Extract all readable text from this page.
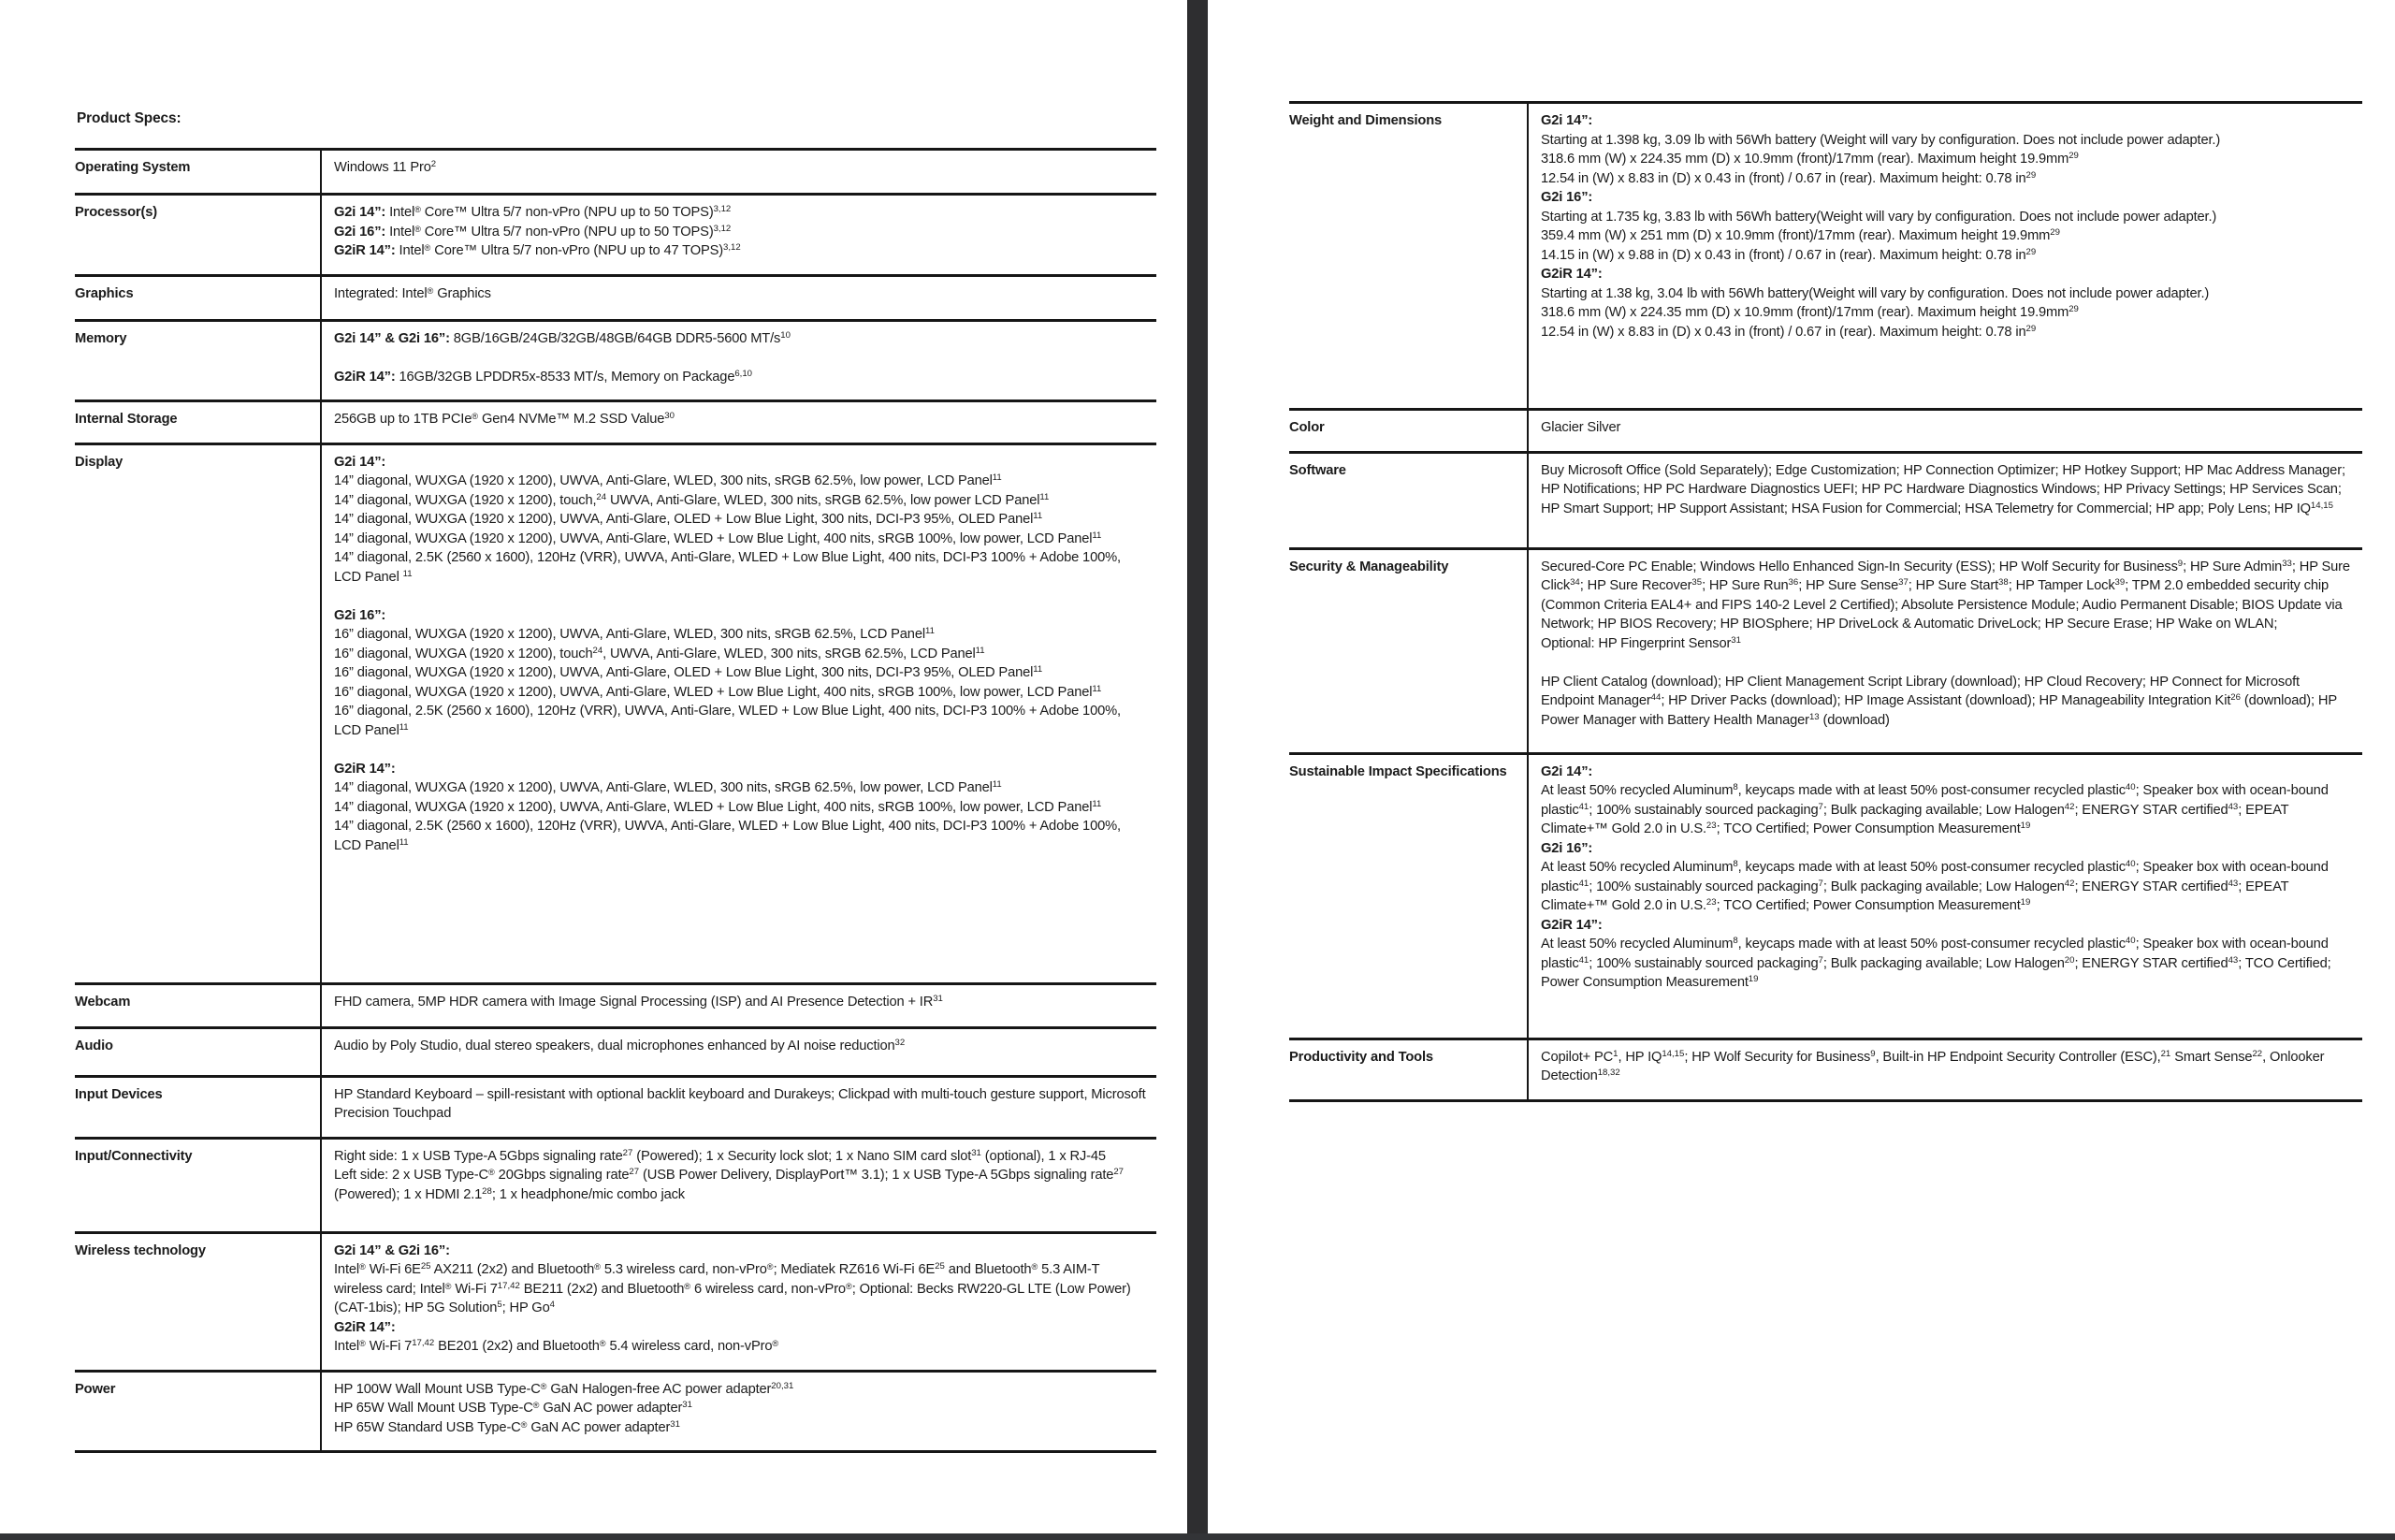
Product Specs:
Operating System	Windows 11 Pro$^2$

Processor(s)	G2i 14”: Intel® Core™ Ultra 5/7 non-vPro (NPU up to 50 TOPS)$^{3,12}$
G2i 16”: Intel® Core™ Ultra 5/7 non-vPro (NPU up to 50 TOPS)$^{3,12}$
G2iR 14”: Intel® Core™ Ultra 5/7 non-vPro (NPU up to 47 TOPS)$^{3,12}$

Graphics	Integrated: Intel® Graphics

Memory	G2i 14” & G2i 16”: 8GB/16GB/24GB/32GB/48GB/64GB DDR5-5600 $MT/s^{10}$

G2iR 14”: 16GB/32GB LPDDR5x-8533 MT/s, Memory on Package$^{6,10}$

Internal Storage	256GB up to 1TB PCIe® Gen4 NVMe™ M.2 SSD Value$^{30}$

Display	G2i 14”:
14” diagonal, WUXGA (1920 x 1200), UWVA, Anti-Glare, WLED, 300 nits, sRGB 62.5%, low power, LCD Panel$^{11}$
14” diagonal, WUXGA (1920 x 1200), touch,$^{24}$ UWVA, Anti-Glare, WLED, 300 nits, sRGB 62.5%, low power LCD Panel$^{11}$
14” diagonal, WUXGA (1920 x 1200), UWVA, Anti-Glare, OLED + Low Blue Light, 300 nits, DCI-P3 95%, OLED Panel$^{11}$
14” diagonal, WUXGA (1920 x 1200), UWVA, Anti-Glare, WLED + Low Blue Light, 400 nits, sRGB 100%, low power, LCD Panel$^{11}$
14” diagonal, 2.5K (2560 x 1600), 120Hz (VRR), UWVA, Anti-Glare, WLED + Low Blue Light, 400 nits, DCI-P3 100% + Adobe 100%, LCD Panel $^{11}$

G2i 16”:
16” diagonal, WUXGA (1920 x 1200), UWVA, Anti-Glare, WLED, 300 nits, sRGB 62.5%, LCD Panel$^{11}$
16” diagonal, WUXGA (1920 x 1200), touch$^{24}$, UWVA, Anti-Glare, WLED, 300 nits, sRGB 62.5%, LCD Panel$^{11}$
16” diagonal, WUXGA (1920 x 1200), UWVA, Anti-Glare, OLED + Low Blue Light, 300 nits, DCI-P3 95%, OLED Panel$^{11}$
16” diagonal, WUXGA (1920 x 1200), UWVA, Anti-Glare, WLED + Low Blue Light, 400 nits, sRGB 100%, low power, LCD Panel$^{11}$
16” diagonal, 2.5K (2560 x 1600), 120Hz (VRR), UWVA, Anti-Glare, WLED + Low Blue Light, 400 nits, DCI-P3 100% + Adobe 100%, LCD Panel$^{11}$

G2iR 14”:
14” diagonal, WUXGA (1920 x 1200), UWVA, Anti-Glare, WLED, 300 nits, sRGB 62.5%, low power, LCD Panel$^{11}$
14” diagonal, WUXGA (1920 x 1200), UWVA, Anti-Glare, WLED + Low Blue Light, 400 nits, sRGB 100%, low power, LCD Panel$^{11}$
14” diagonal, 2.5K (2560 x 1600), 120Hz (VRR), UWVA, Anti-Glare, WLED + Low Blue Light, 400 nits, DCI-P3 100% + Adobe 100%, LCD Panel$^{11}$

Webcam	FHD camera, 5MP HDR camera with Image Signal Processing (ISP) and AI Presence Detection + $IR^{31}$

Audio	Audio by Poly Studio, dual stereo speakers, dual microphones enhanced by AI noise reduction$^{32}$

Input Devices	HP Standard Keyboard – spill-resistant with optional backlit keyboard and Durakeys; Clickpad with multi-touch gesture support, Microsoft Precision Touchpad

Input/Connectivity	Right side: 1 x USB Type-A 5Gbps signaling rate$^{27}$ (Powered); 1 x Security lock slot; 1 x Nano SIM card slot$^{31}$ (optional), 1 x RJ-45
Left side: 2 x USB Type-C® 20Gbps signaling rate$^{27}$ (USB Power Delivery, DisplayPort™ 3.1); 1 x USB Type-A 5Gbps signaling rate$^{27}$ (Powered); 1 x HDMI $2.1^{28}$; 1 x headphone/mic combo jack

Wireless technology	G2i 14” & G2i 16”:
Intel® Wi-Fi $6E^{25}$ AX211 (2x2) and Bluetooth® 5.3 wireless card, non-vPro®; Mediatek RZ616 Wi-Fi $6E^{25}$ and Bluetooth® 5.3 AIM-T wireless card; Intel® Wi-Fi 7$^{17,42}$ BE211 (2x2) and Bluetooth® 6 wireless card, non-vPro®; Optional: Becks RW220-GL LTE (Low Power) (CAT-1bis); HP 5G Solution$^5$; HP Go$^4$
G2iR 14”:
Intel® Wi-Fi 7$^{17,42}$ BE201 (2x2) and Bluetooth® 5.4 wireless card, non-vPro®

Power	HP 100W Wall Mount USB Type-C® GaN Halogen-free AC power adapter$^{20,31}$
HP 65W Wall Mount USB Type-C® GaN AC power adapter$^{31}$
HP 65W Standard USB Type-C® GaN AC power adapter$^{31}$
Weight and Dimensions	G2i 14”:
Starting at 1.398 kg, 3.09 lb with 56Wh battery (Weight will vary by configuration. Does not include power adapter.)
318.6 mm (W) x 224.35 mm (D) x 10.9mm (front)/17mm (rear). Maximum height $19.9mm^{29}$
12.54 in (W) x 8.83 in (D) x 0.43 in (front) / 0.67 in (rear). Maximum height: 0.78 $in^{29}$
G2i 16”:
Starting at 1.735 kg, 3.83 lb with 56Wh battery(Weight will vary by configuration. Does not include power adapter.)
359.4 mm (W) x 251 mm (D) x 10.9mm (front)/17mm (rear). Maximum height $19.9mm^{29}$
14.15 in (W) x 9.88 in (D) x 0.43 in (front) / 0.67 in (rear). Maximum height: 0.78 $in^{29}$
G2iR 14”:
Starting at 1.38 kg, 3.04 lb with 56Wh battery(Weight will vary by configuration. Does not include power adapter.)
318.6 mm (W) x 224.35 mm (D) x 10.9mm (front)/17mm (rear). Maximum height $19.9mm^{29}$
12.54 in (W) x 8.83 in (D) x 0.43 in (front) / 0.67 in (rear). Maximum height: 0.78 $in^{29}$

Color	Glacier Silver

Software	Buy Microsoft Office (Sold Separately); Edge Customization; HP Connection Optimizer; HP Hotkey Support; HP Mac Address Manager; HP Notifications; HP PC Hardware Diagnostics UEFI; HP PC Hardware Diagnostics Windows; HP Privacy Settings; HP Services Scan; HP Smart Support; HP Support Assistant; HSA Fusion for Commercial; HSA Telemetry for Commercial; HP app; Poly Lens; HP IQ$^{14,15}$

Security & Manageability	Secured-Core PC Enable; Windows Hello Enhanced Sign-In Security (ESS); HP Wolf Security for Business$^9$; HP Sure Admin$^{33}$; HP Sure Click$^{34}$; HP Sure Recover$^{35}$; HP Sure Run$^{36}$; HP Sure Sense$^{37}$; HP Sure Start$^{38}$; HP Tamper Lock$^{39}$; TPM 2.0 embedded security chip (Common Criteria EAL4+ and FIPS 140-2 Level 2 Certified); Absolute Persistence Module; Audio Permanent Disable; BIOS Update via Network; HP BIOS Recovery; HP BIOSphere; HP DriveLock & Automatic DriveLock; HP Secure Erase; HP Wake on WLAN;
Optional: HP Fingerprint Sensor$^{31}$

HP Client Catalog (download); HP Client Management Script Library (download); HP Cloud Recovery; HP Connect for Microsoft Endpoint Manager$^{44}$; HP Driver Packs (download); HP Image Assistant (download); HP Manageability Integration Kit$^{26}$ (download); HP Power Manager with Battery Health Manager$^{13}$ (download)

Sustainable Impact Specifications	G2i 14”:
At least 50% recycled Aluminum$^8$, keycaps made with at least 50% post-consumer recycled plastic$^{40}$; Speaker box with ocean-bound plastic$^{41}$; 100% sustainably sourced packaging$^7$; Bulk packaging available; Low Halogen$^{42}$; ENERGY STAR certified$^{43}$; EPEAT Climate+™ Gold 2.0 in U.S.$^{23}$; TCO Certified; Power Consumption Measurement$^{19}$
G2i 16”:
At least 50% recycled Aluminum$^8$, keycaps made with at least 50% post-consumer recycled plastic$^{40}$; Speaker box with ocean-bound plastic$^{41}$; 100% sustainably sourced packaging$^7$; Bulk packaging available; Low Halogen$^{42}$; ENERGY STAR certified$^{43}$; EPEAT Climate+™ Gold 2.0 in U.S.$^{23}$; TCO Certified; Power Consumption Measurement$^{19}$
G2iR 14”:
At least 50% recycled Aluminum$^8$, keycaps made with at least 50% post-consumer recycled plastic$^{40}$; Speaker box with ocean-bound plastic$^{41}$; 100% sustainably sourced packaging$^7$; Bulk packaging available; Low Halogen$^{20}$; ENERGY STAR certified$^{43}$; TCO Certified; Power Consumption Measurement$^{19}$

Productivity and Tools	Copilot+ $PC^1$, HP IQ$^{14,15}$; HP Wolf Security for Business$^9$, Built-in HP Endpoint Security Controller (ESC),$^{21}$ Smart Sense$^{22}$, Onlooker Detection$^{18,32}$
